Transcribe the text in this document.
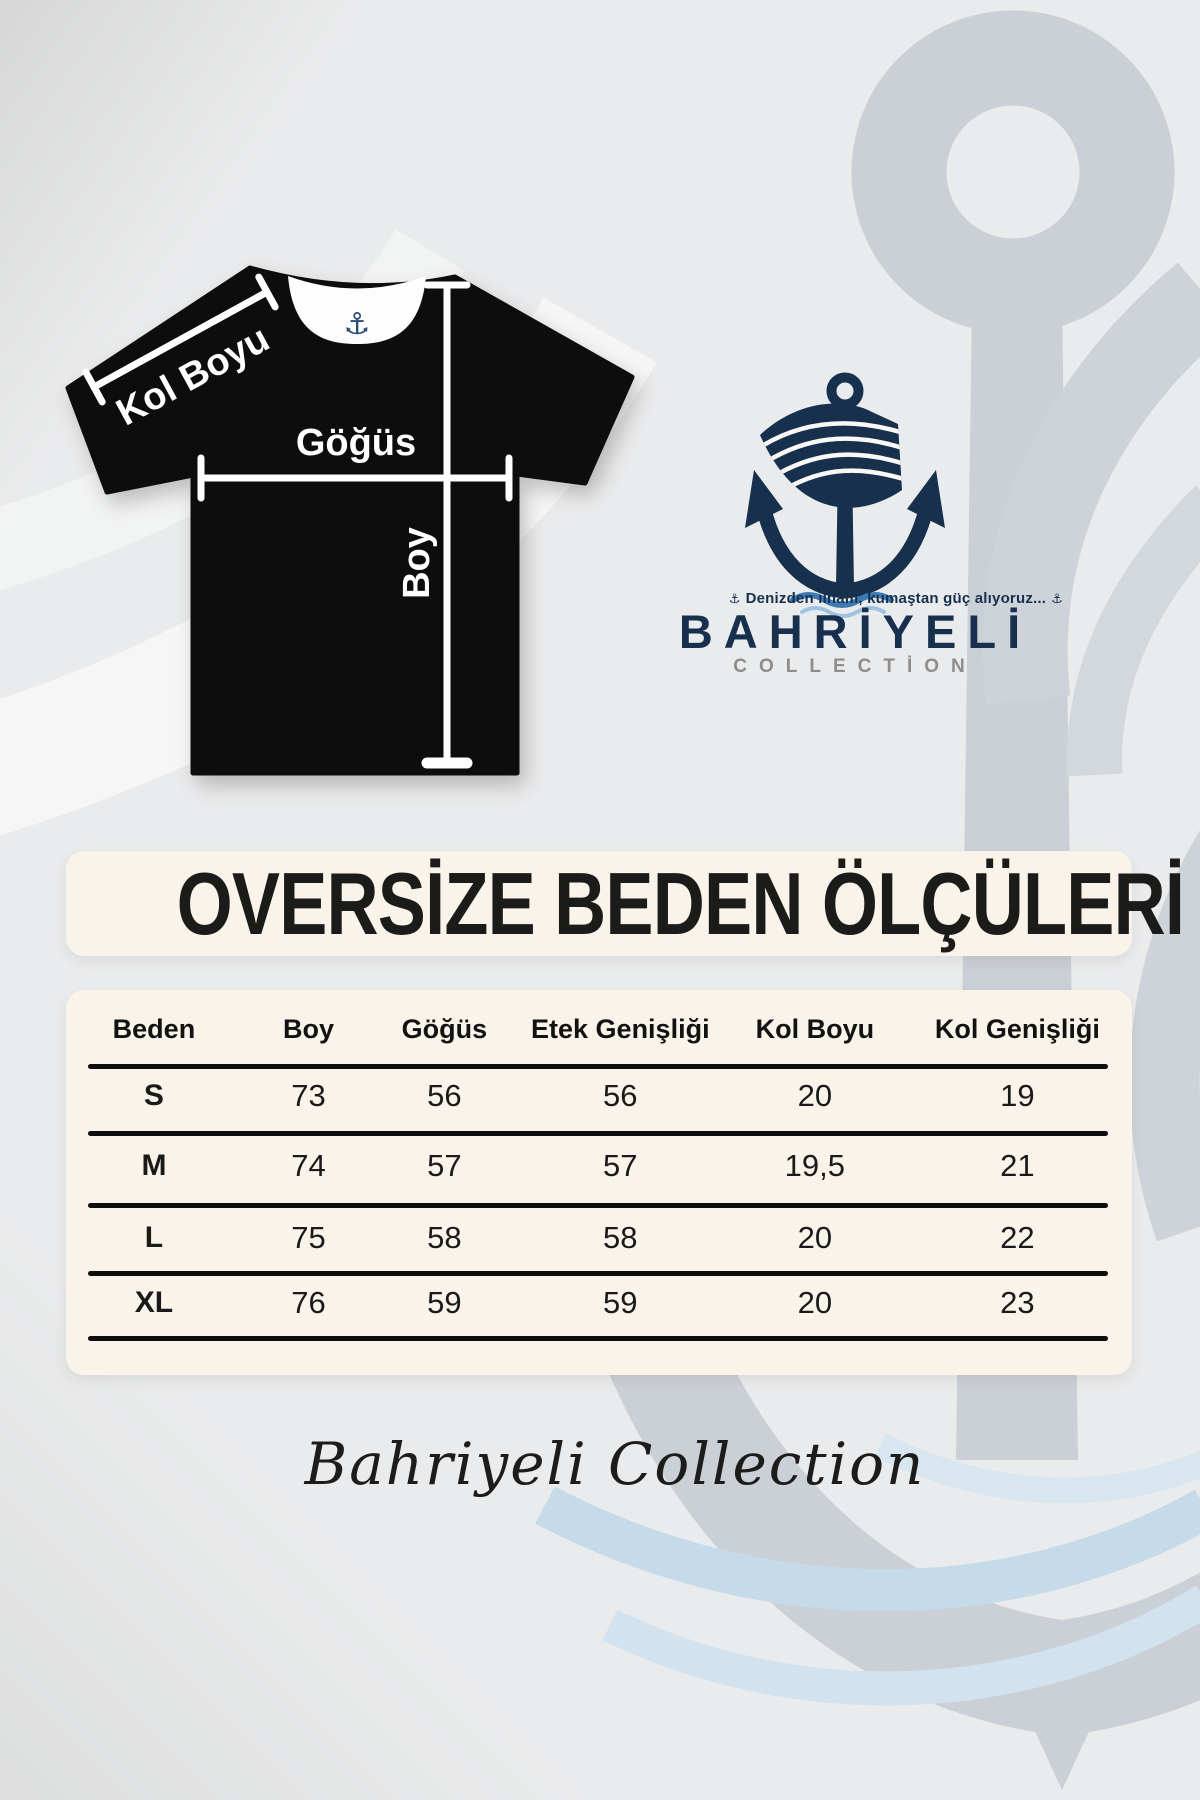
⚓
Kol Boyu
Göğüs
Boy
⚓ Denizden ilham, kumaştan güç alıyoruz... ⚓
BAHRİYELİ
COLLECTİON
OVERSİZE BEDEN ÖLÇÜLERİ
Beden	Boy	Göğüs	Etek Genişliği	Kol Boyu	Kol Genişliği
S	73	56	56	20	19
M	74	57	57	19,5	21
L	75	58	58	20	22
XL	76	59	59	20	23
Bahriyeli Collection
